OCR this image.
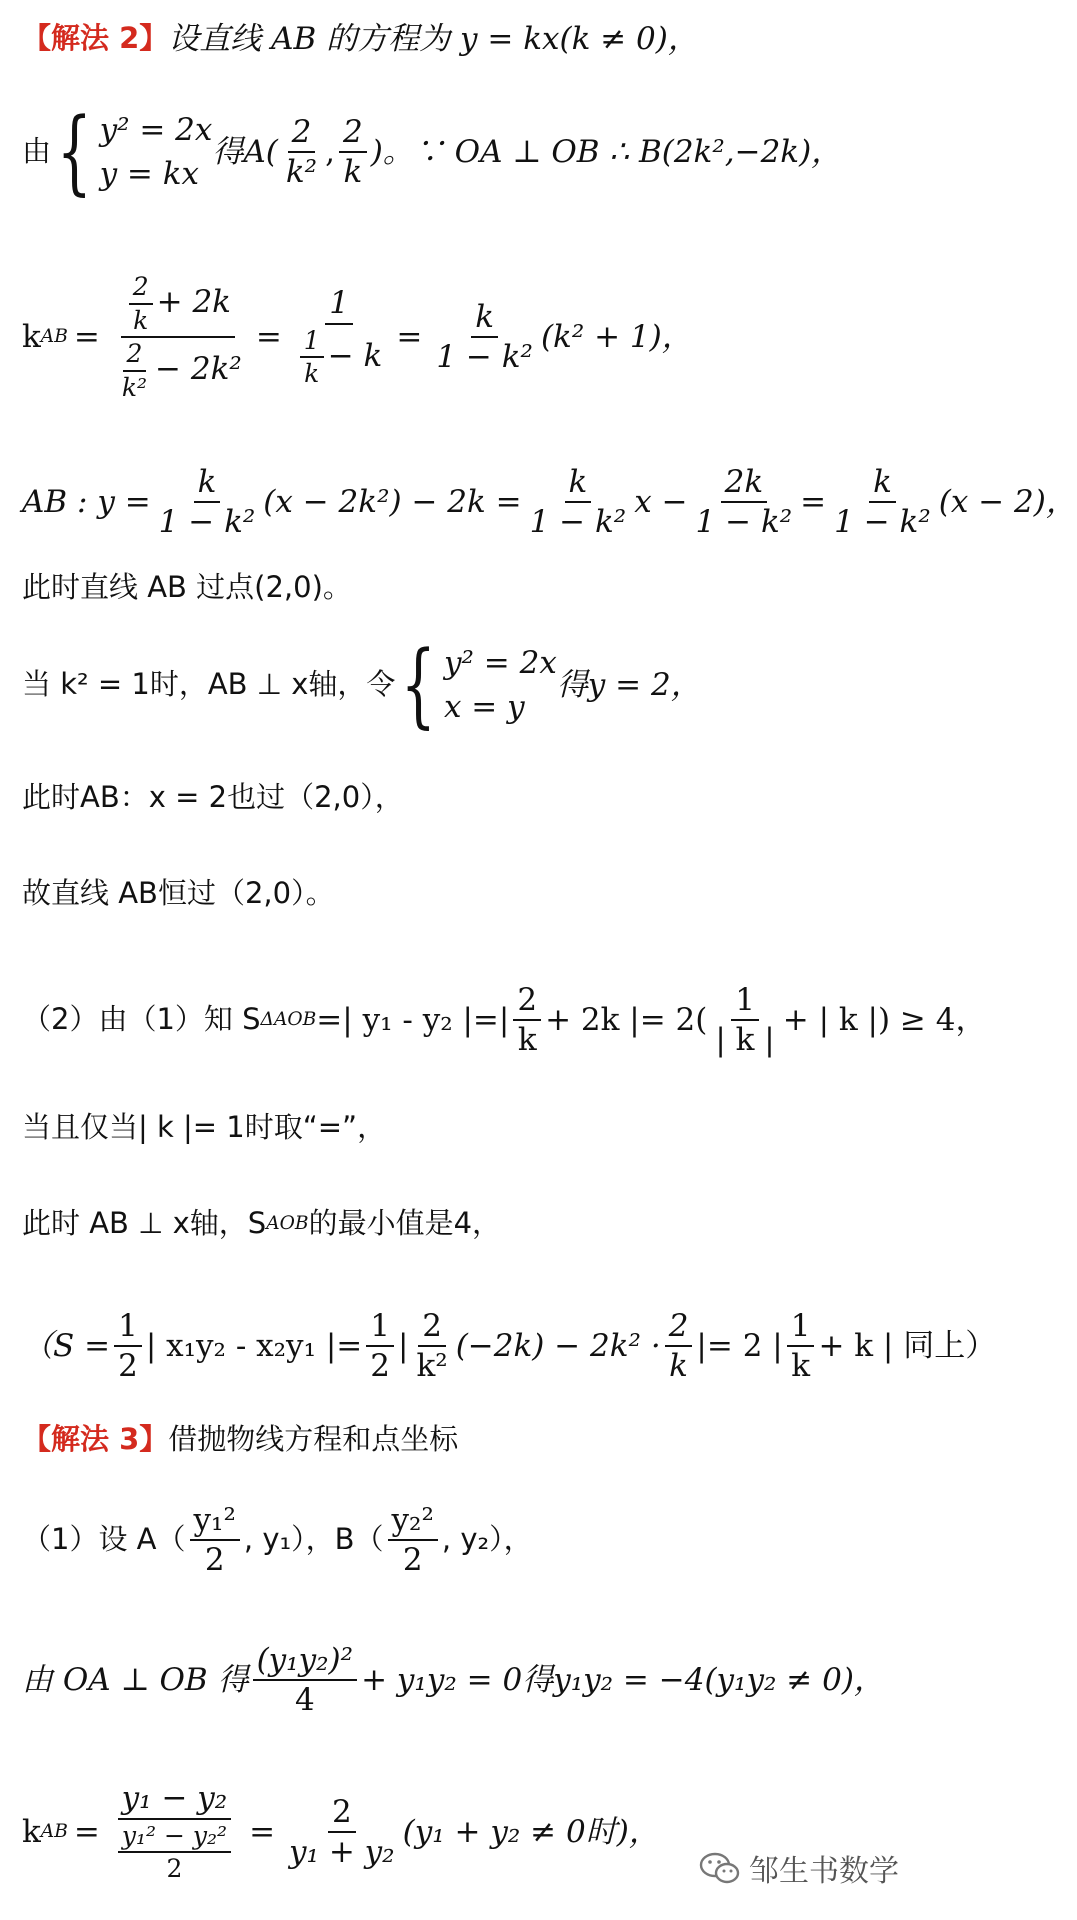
【解法 2】 设直线 AB 的方程为 y = kx(k ≠ 0)，
由 { y² = 2x
y = kx
得$A( \frac{2}{\text{k²}}$ , $\frac{2}{k}$ )。∵ OA ⊥ OB ∴ B(2k²,−2k)，
k AB = $\frac{\frac{2}{k} + 2k}{\frac{2}{\text{k²}} - 2k^2} = \frac{1}{\frac{1}{k} - k} = \frac{k}{\text{1 − k²}} (k^2 + 1)$，
AB : $y = \frac{k}{\text{1 − k²}} (x - 2k^2) - 2k = \frac{k}{\text{1 − k²}}$ $x - \frac{2k}{\text{1 − k²}} = \frac{k}{\text{1 − k²}} (x - 2)$，
此时直线 AB 过点(2,0)。
当 k² = 1时，AB ⊥ x轴，令 { y² = 2x
x = y
得y = 2，
此时AB：x = 2也过（2,0），
故直线 AB恒过（2,0）。
（2）由（1）知 S ΔAOB =| y₁ - y₂ |=| $\frac{2}{k} + 2k$ |= $2( \frac{1}{| k |}$ + | k |) ≥ 4，
当且仅当| k |= 1时取“=”，
此时 AB ⊥ x轴，S AOB 的最小值是4，
（$S = \frac{1}{2}$ | x₁y₂ - x₂y₁ |= $\frac{1}{2}$ | $\frac{2}{\text{k²}} (-2k) - 2k^2 \cdot \frac{2}{k}$ |= 2 | $\frac{1}{k} + k$ | 同上）
【解法 3】 借抛物线方程和点坐标
（1）设 $A( \frac{\text{y₁²}}{2}$ , y₁），$B( \frac{\text{y₂²}}{2}$ , y₂），
由 OA ⊥ OB 得 $\frac{\text{(y₁y₂)²}}{4} + y_1y_2 = 0$得y₁y₂ = −4(y₁y₂ ≠ 0)，
k AB = $\frac{\text{y₁ − y₂}}{\frac{\text{y₁² − y₂²}}{2}} = \frac{2}{\text{y₁ + y₂}} (y_1 + y_2 \ne 0$时)，
邹生书数学
